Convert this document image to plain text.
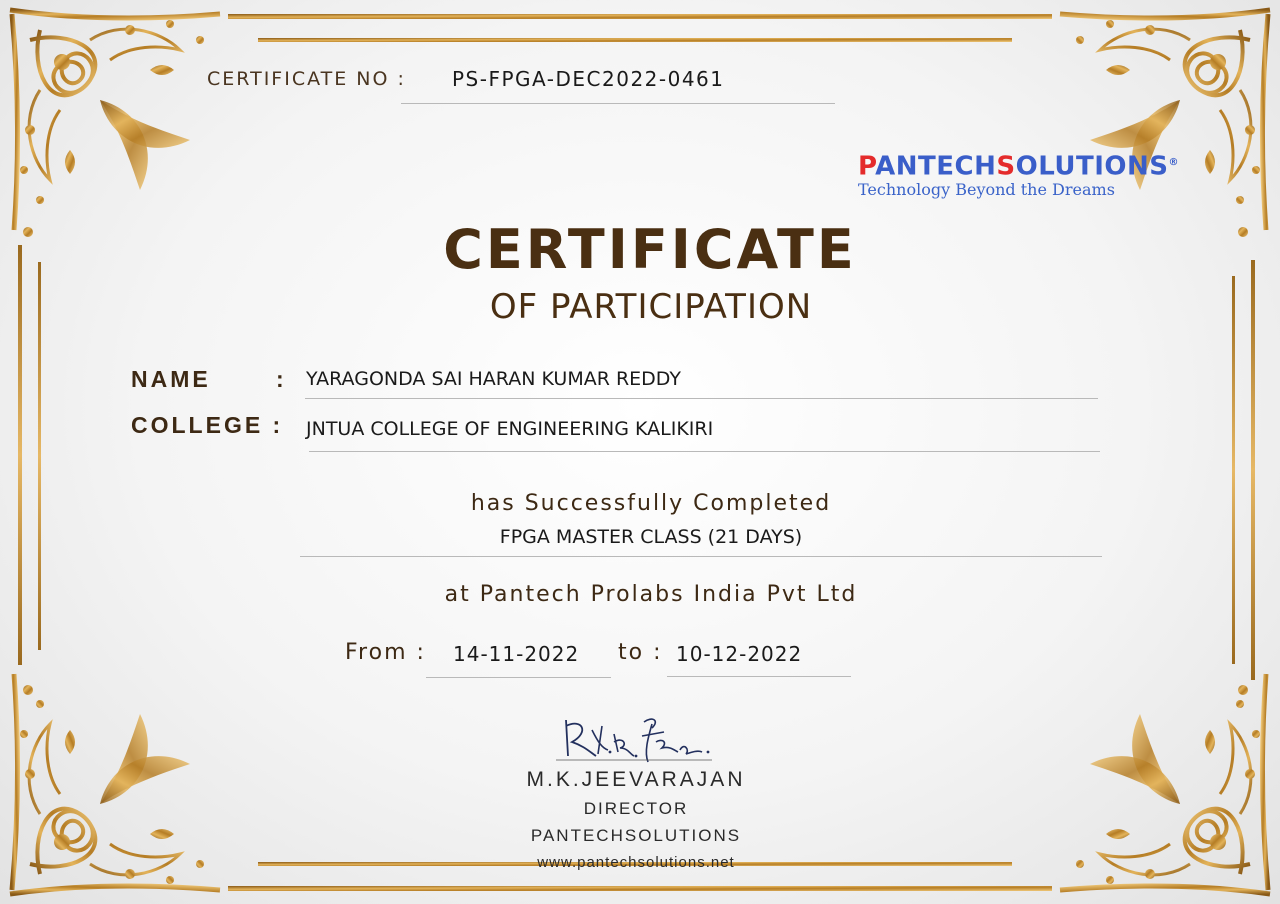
CERTIFICATE NO : PS-FPGA-DEC2022-0461
PANTECHSOLUTIONS®
Technology Beyond the Dreams
CERTIFICATE
OF PARTICIPATION
NAME	: YARAGONDA SAI HARAN KUMAR REDDY
COLLEGE : JNTUA COLLEGE OF ENGINEERING KALIKIRI
has Successfully Completed
FPGA MASTER CLASS (21 DAYS)
at Pantech Prolabs India Pvt Ltd
From : 14-11-2022 to : 10-12-2022
M.K.JEEVARAJAN
DIRECTOR
PANTECHSOLUTIONS
www.pantechsolutions.net
